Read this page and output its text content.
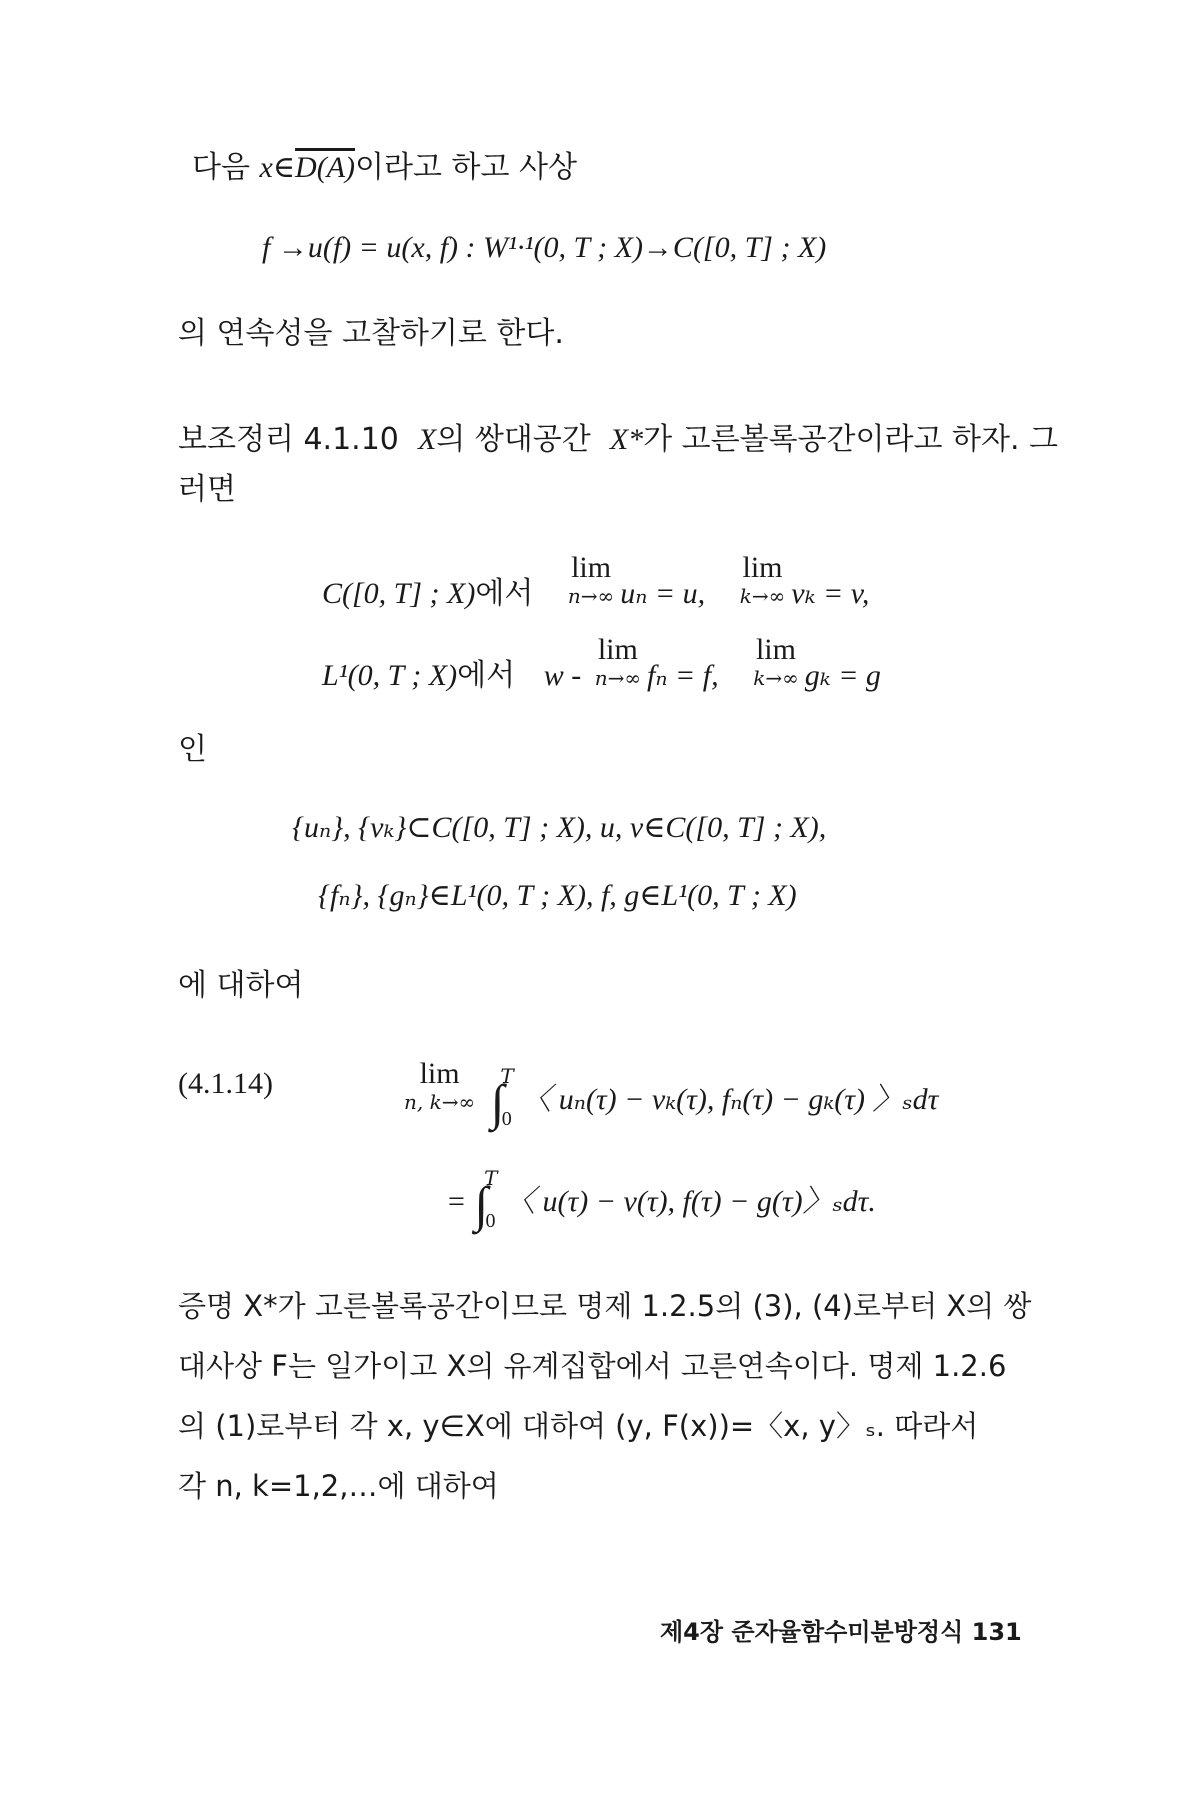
다음 x∈D(A)이라고 하고 사상
f →u(f) = u(x, f) : W¹·¹(0, T ; X)→C([0, T] ; X)
의 연속성을 고찰하기로 한다.
보조정리 4.1.10 X의 쌍대공간 X*가 고른볼록공간이라고 하자. 그
러면
C([0, T] ; X)에서
lim
n→∞ uₙ = u,
lim
k→∞ vₖ = v,
L¹(0, T ; X)에서 w -
lim
n→∞ fₙ = f,
lim
k→∞ gₖ = g
인
{uₙ}, {vₖ}⊂C([0, T] ; X), u, v∈C([0, T] ; X),
{fₙ}, {gₙ}∈L¹(0, T ; X), f, g∈L¹(0, T ; X)
에 대하여
(4.1.14)	lim
n, k→∞ ∫$^T_0$ 〈 uₙ(τ) − vₖ(τ), fₙ(τ) − gₖ(τ) 〉ₛdτ
= ∫$^T_0$ 〈 u(τ) − v(τ), f(τ) − g(τ)〉ₛdτ.
증명 X*가 고른볼록공간이므로 명제 1.2.5의 (3), (4)로부터 X의 쌍
대사상 F는 일가이고 X의 유계집합에서 고른연속이다. 명제 1.2.6
의 (1)로부터 각 x, y∈X에 대하여 (y, F(x))=〈x, y〉ₛ. 따라서
각 n, k=1,2,…에 대하여
제4장 준자율함수미분방정식 131
